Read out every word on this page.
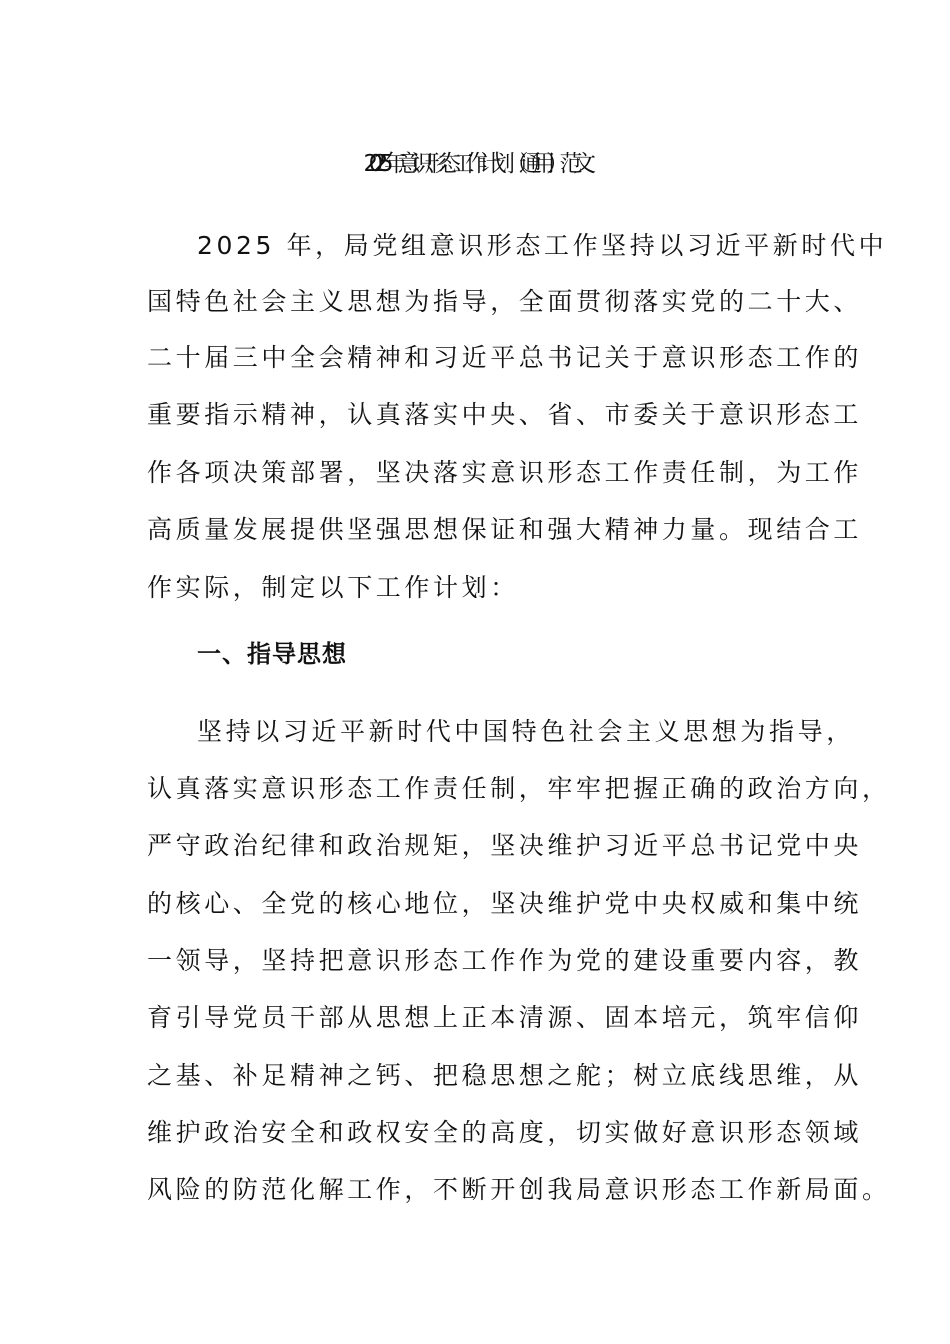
2025年意识形态工作计划（通用）范文
2025 年，局党组意识形态工作坚持以习近平新时代中
国特色社会主义思想为指导，全面贯彻落实党的二十大、
二十届三中全会精神和习近平总书记关于意识形态工作的
重要指示精神，认真落实中央、省、市委关于意识形态工
作各项决策部署，坚决落实意识形态工作责任制，为工作
高质量发展提供坚强思想保证和强大精神力量。现结合工
作实际，制定以下工作计划：
一、指导思想
坚持以习近平新时代中国特色社会主义思想为指导，
认真落实意识形态工作责任制，牢牢把握正确的政治方向，
严守政治纪律和政治规矩，坚决维护习近平总书记党中央
的核心、全党的核心地位，坚决维护党中央权威和集中统
一领导，坚持把意识形态工作作为党的建设重要内容，教
育引导党员干部从思想上正本清源、固本培元，筑牢信仰
之基、补足精神之钙、把稳思想之舵；树立底线思维，从
维护政治安全和政权安全的高度，切实做好意识形态领域
风险的防范化解工作，不断开创我局意识形态工作新局面。
